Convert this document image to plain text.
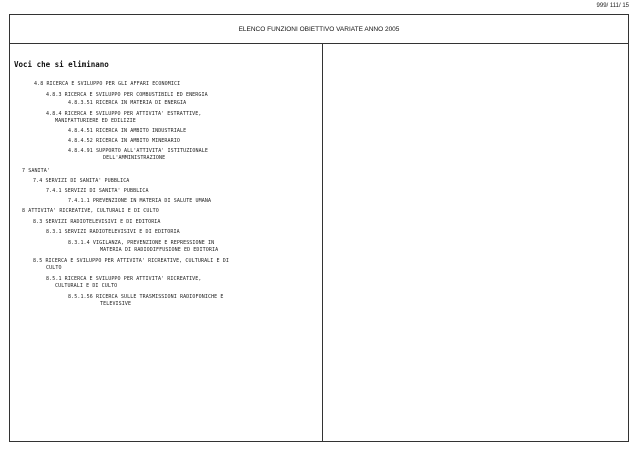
999/ 111/ 15
ELENCO FUNZIONI OBIETTIVO VARIATE ANNO 2005
Voci che si eliminano
4.8 RICERCA E SVILUPPO PER GLI AFFARI ECONOMICI
4.8.3 RICERCA E SVILUPPO PER COMBUSTIBILI ED ENERGIA
4.8.3.51 RICERCA IN MATERIA DI ENERGIA
4.8.4 RICERCA E SVILUPPO PER ATTIVITA' ESTRATTIVE,
MANIFATTURIERE ED EDILIZIE
4.8.4.51 RICERCA IN AMBITO INDUSTRIALE
4.8.4.52 RICERCA IN AMBITO MINERARIO
4.8.4.91 SUPPORTO ALL'ATTIVITA' ISTITUZIONALE
DELL'AMMINISTRAZIONE
7 SANITA'
7.4 SERVIZI DI SANITA' PUBBLICA
7.4.1 SERVIZI DI SANITA' PUBBLICA
7.4.1.1 PREVENZIONE IN MATERIA DI SALUTE UMANA
8 ATTIVITA' RICREATIVE, CULTURALI E DI CULTO
8.3 SERVIZI RADIOTELEVISIVI E DI EDITORIA
8.3.1 SERVIZI RADIOTELEVISIVI E DI EDITORIA
8.3.1.4 VIGILANZA, PREVENZIONE E REPRESSIONE IN
MATERIA DI RADIODIFFUSIONE ED EDITORIA
8.5 RICERCA E SVILUPPO PER ATTIVITA' RICREATIVE, CULTURALI E DI
CULTO
8.5.1 RICERCA E SVILUPPO PER ATTIVITA' RICREATIVE,
CULTURALI E DI CULTO
8.5.1.56 RICERCA SULLE TRASMISSIONI RADIOFONICHE E
TELEVISIVE
